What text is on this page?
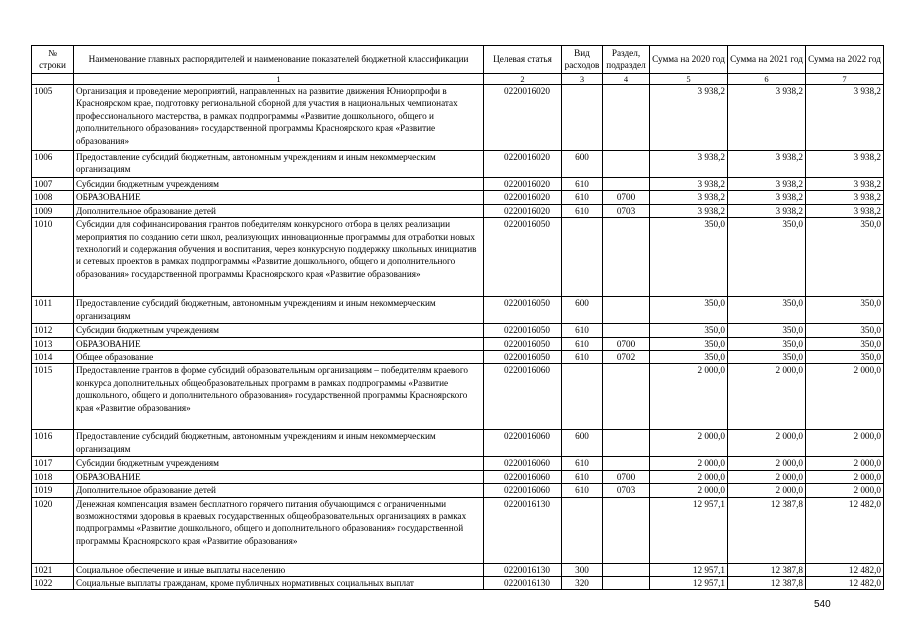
№ строки	Наименование главных распорядителей и наименование показателей бюджетной классификации	Целевая статья	Вид расходов	Раздел, подраздел	Сумма на 2020 год	Сумма на 2021 год	Сумма на 2022 год
	1	2	3	4	5	6	7
1005	Организация и проведение мероприятий, направленных на развитие движения Юниорпрофи в Красноярском крае, подготовку региональной сборной для участия в национальных чемпионатах профессионального мастерства, в рамках подпрограммы «Развитие дошкольного, общего и дополнительного образования» государственной программы Красноярского края «Развитие образования»	0220016020			3 938,2	3 938,2	3 938,2
1006	Предоставление субсидий бюджетным, автономным учреждениям и иным некоммерческим организациям	0220016020	600		3 938,2	3 938,2	3 938,2
1007	Субсидии бюджетным учреждениям	0220016020	610		3 938,2	3 938,2	3 938,2
1008	ОБРАЗОВАНИЕ	0220016020	610	0700	3 938,2	3 938,2	3 938,2
1009	Дополнительное образование детей	0220016020	610	0703	3 938,2	3 938,2	3 938,2
1010	Субсидии для софинансирования грантов победителям конкурсного отбора в целях реализации мероприятия по созданию сети школ, реализующих инновационные программы для отработки новых технологий и содержания обучения и воспитания, через конкурсную поддержку школьных инициатив и сетевых проектов в рамках подпрограммы «Развитие дошкольного, общего и дополнительного образования» государственной программы Красноярского края «Развитие образования»	0220016050			350,0	350,0	350,0
1011	Предоставление субсидий бюджетным, автономным учреждениям и иным некоммерческим организациям	0220016050	600		350,0	350,0	350,0
1012	Субсидии бюджетным учреждениям	0220016050	610		350,0	350,0	350,0
1013	ОБРАЗОВАНИЕ	0220016050	610	0700	350,0	350,0	350,0
1014	Общее образование	0220016050	610	0702	350,0	350,0	350,0
1015	Предоставление грантов в форме субсидий образовательным организациям – победителям краевого конкурса дополнительных общеобразовательных программ в рамках подпрограммы «Развитие дошкольного, общего и дополнительного образования» государственной программы Красноярского края «Развитие образования»	0220016060			2 000,0	2 000,0	2 000,0
1016	Предоставление субсидий бюджетным, автономным учреждениям и иным некоммерческим организациям	0220016060	600		2 000,0	2 000,0	2 000,0
1017	Субсидии бюджетным учреждениям	0220016060	610		2 000,0	2 000,0	2 000,0
1018	ОБРАЗОВАНИЕ	0220016060	610	0700	2 000,0	2 000,0	2 000,0
1019	Дополнительное образование детей	0220016060	610	0703	2 000,0	2 000,0	2 000,0
1020	Денежная компенсация взамен бесплатного горячего питания обучающимся с ограниченными возможностями здоровья в краевых государственных общеобразовательных организациях в рамках подпрограммы «Развитие дошкольного, общего и дополнительного образования» государственной программы Красноярского края «Развитие образования»	0220016130			12 957,1	12 387,8	12 482,0
1021	Социальное обеспечение и иные выплаты населению	0220016130	300		12 957,1	12 387,8	12 482,0
1022	Социальные выплаты гражданам, кроме публичных нормативных социальных выплат	0220016130	320		12 957,1	12 387,8	12 482,0
540
